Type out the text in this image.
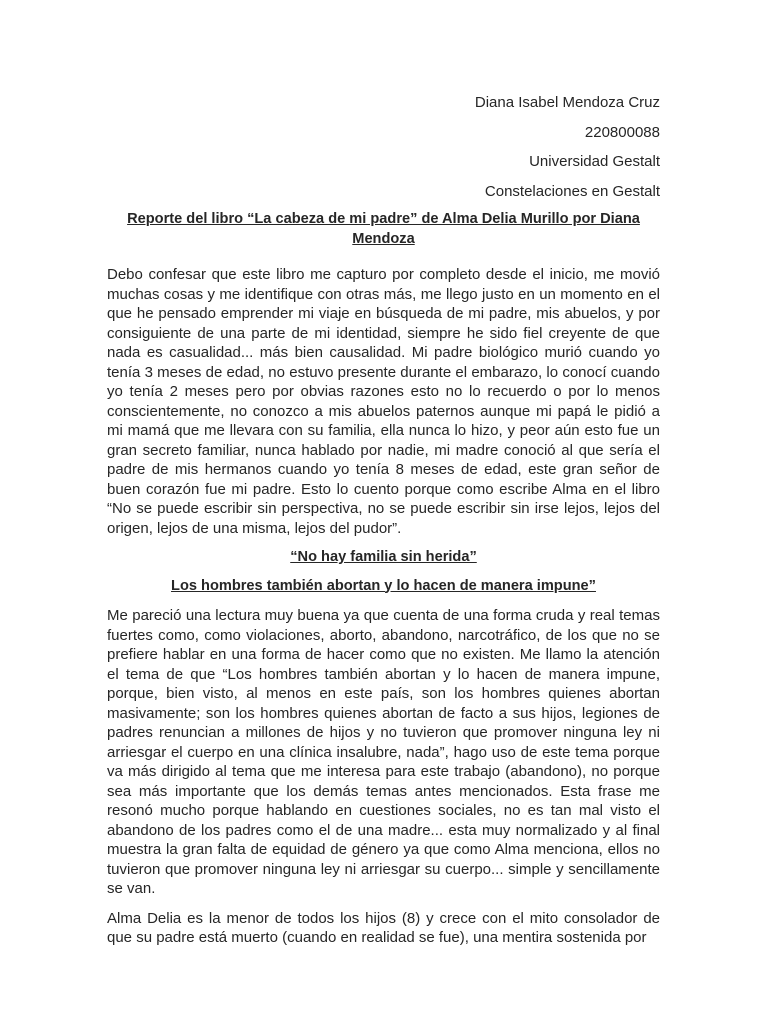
Diana Isabel Mendoza Cruz
220800088
Universidad Gestalt
Constelaciones en Gestalt
Reporte del libro “La cabeza de mi padre” de Alma Delia Murillo por Diana Mendoza

Debo confesar que este libro me capturo por completo desde el inicio, me movió muchas cosas y me identifique con otras más, me llego justo en un momento en el que he pensado emprender mi viaje en búsqueda de mi padre, mis abuelos, y por consiguiente de una parte de mi identidad, siempre he sido fiel creyente de que nada es casualidad... más bien causalidad. Mi padre biológico murió cuando yo tenía 3 meses de edad, no estuvo presente durante el embarazo, lo conocí cuando yo tenía 2 meses pero por obvias razones esto no lo recuerdo o por lo menos conscientemente, no conozco a mis abuelos paternos aunque mi papá le pidió a mi mamá que me llevara con su familia, ella nunca lo hizo, y peor aún esto fue un gran secreto familiar, nunca hablado por nadie, mi madre conoció al que sería el padre de mis hermanos cuando yo tenía 8 meses de edad, este gran señor de buen corazón fue mi padre. Esto lo cuento porque como escribe Alma en el libro “No se puede escribir sin perspectiva, no se puede escribir sin irse lejos, lejos del origen, lejos de una misma, lejos del pudor”.

“No hay familia sin herida”
Los hombres también abortan y lo hacen de manera impune”

Me pareció una lectura muy buena ya que cuenta de una forma cruda y real temas fuertes como, como violaciones, aborto, abandono, narcotráfico, de los que no se prefiere hablar en una forma de hacer como que no existen. Me llamo la atención el tema de que “Los hombres también abortan y lo hacen de manera impune, porque, bien visto, al menos en este país, son los hombres quienes abortan masivamente; son los hombres quienes abortan de facto a sus hijos, legiones de padres renuncian a millones de hijos y no tuvieron que promover ninguna ley ni arriesgar el cuerpo en una clínica insalubre, nada”, hago uso de este tema porque va más dirigido al tema que me interesa para este trabajo (abandono), no porque sea más importante que los demás temas antes mencionados. Esta frase me resonó mucho porque hablando en cuestiones sociales, no es tan mal visto el abandono de los padres como el de una madre... esta muy normalizado y al final muestra la gran falta de equidad de género ya que como Alma menciona, ellos no tuvieron que promover ninguna ley ni arriesgar su cuerpo... simple y sencillamente se van.

Alma Delia es la menor de todos los hijos (8) y crece con el mito consolador de que su padre está muerto (cuando en realidad se fue), una mentira sostenida por
